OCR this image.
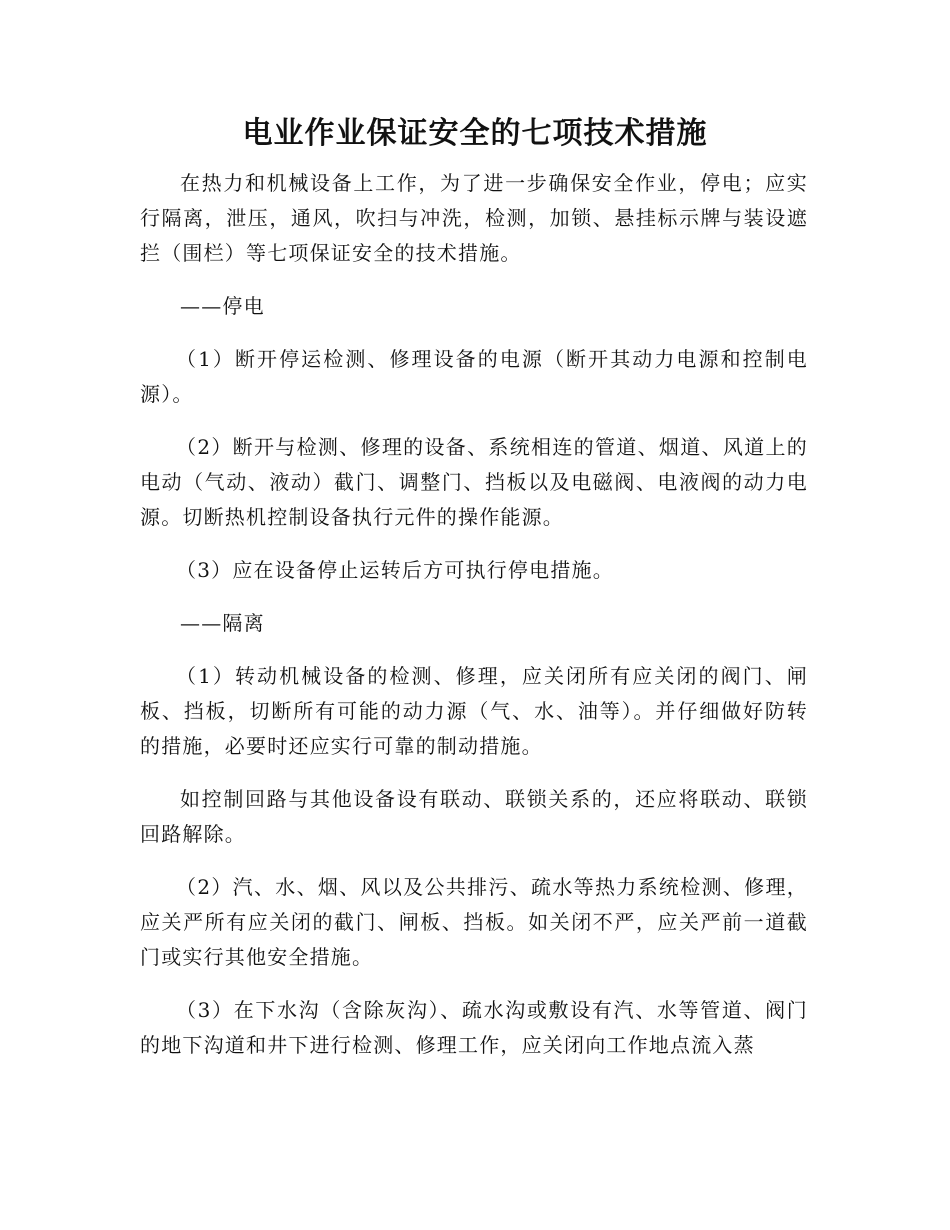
电业作业保证安全的七项技术措施

在热力和机械设备上工作，为了进一步确保安全作业，停电；应实行隔离，泄压，通风，吹扫与冲洗，检测，加锁、悬挂标示牌与装设遮拦（围栏）等七项保证安全的技术措施。

——停电

（1）断开停运检测、修理设备的电源（断开其动力电源和控制电源）。

（2）断开与检测、修理的设备、系统相连的管道、烟道、风道上的电动（气动、液动）截门、调整门、挡板以及电磁阀、电液阀的动力电源。切断热机控制设备执行元件的操作能源。

（3）应在设备停止运转后方可执行停电措施。

——隔离

（1）转动机械设备的检测、修理，应关闭所有应关闭的阀门、闸板、挡板，切断所有可能的动力源（气、水、油等）。并仔细做好防转的措施，必要时还应实行可靠的制动措施。

如控制回路与其他设备设有联动、联锁关系的，还应将联动、联锁回路解除。

（2）汽、水、烟、风以及公共排污、疏水等热力系统检测、修理，应关严所有应关闭的截门、闸板、挡板。如关闭不严，应关严前一道截门或实行其他安全措施。

（3）在下水沟（含除灰沟）、疏水沟或敷设有汽、水等管道、阀门的地下沟道和井下进行检测、修理工作，应关闭向工作地点流入蒸
